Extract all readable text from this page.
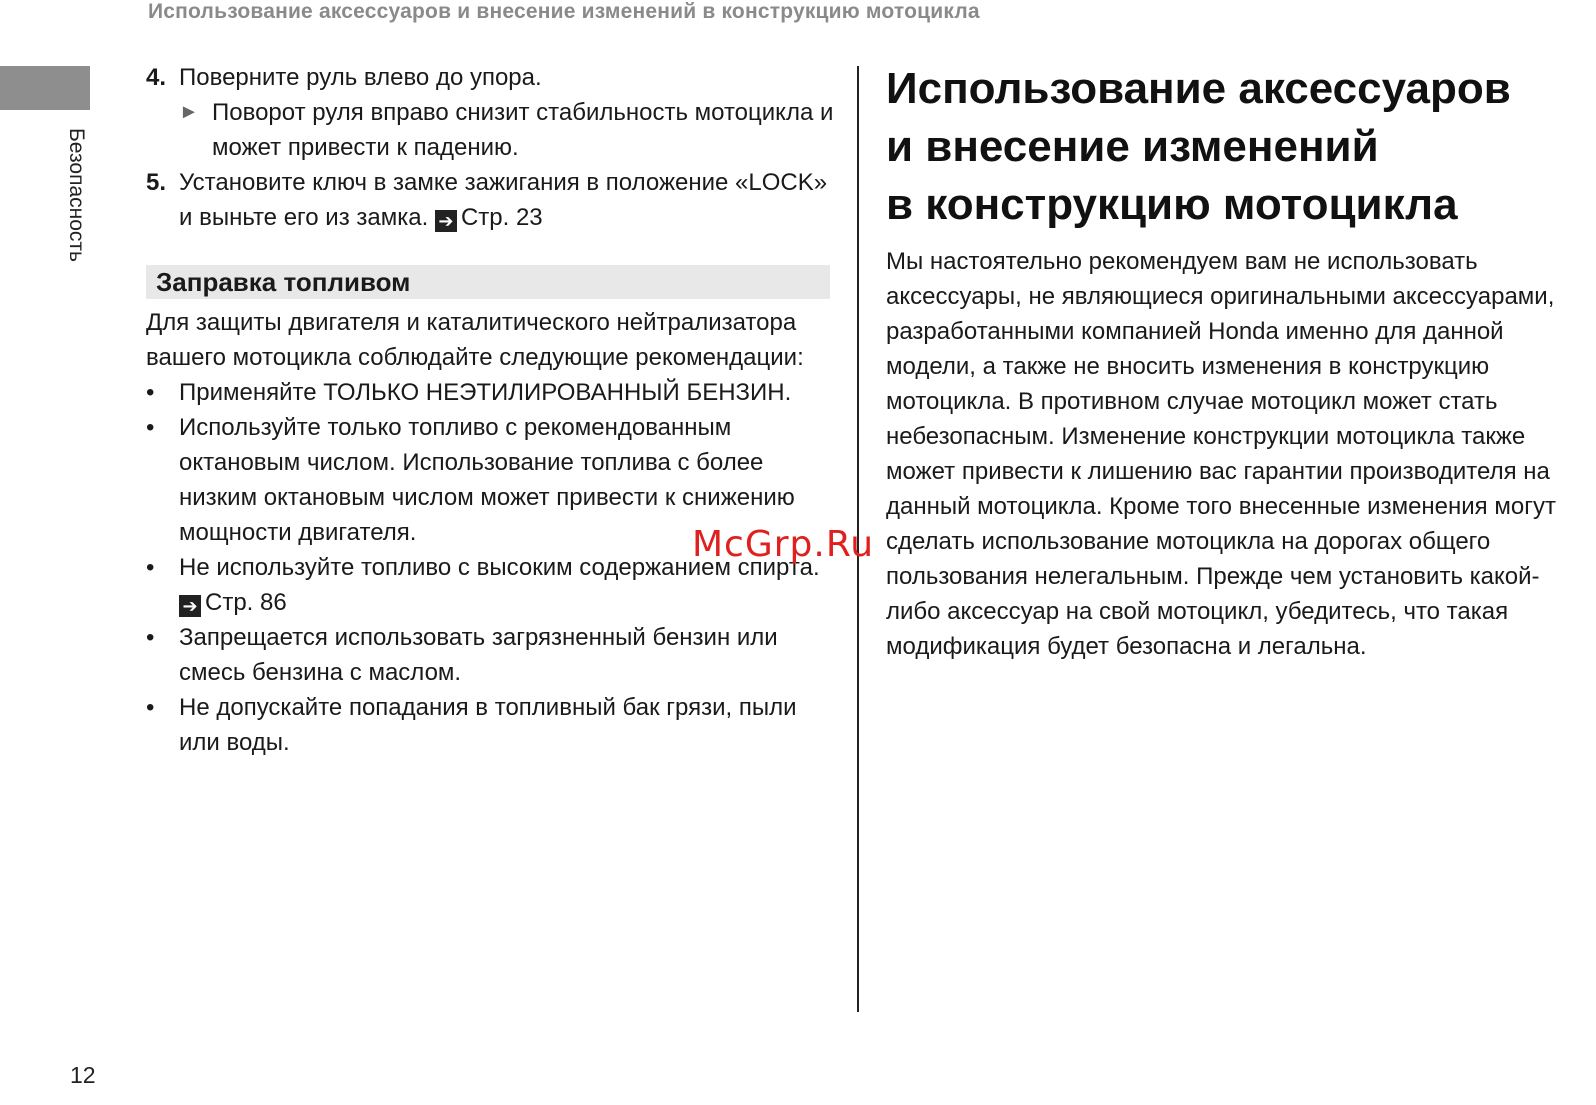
Использование аксессуаров и внесение изменений в конструкцию мотоцикла
Безопасность
4. Поверните руль влево до упора.
► Поворот руля вправо снизит стабильность мотоцикла и может привести к падению.
5. Установите ключ в замке зажигания в положение «LOCK» и выньте его из замка. ➔ Стр. 23
Заправка топливом
Для защиты двигателя и каталитического нейтрализатора вашего мотоцикла соблюдайте следующие рекомендации:
•	Применяйте ТОЛЬКО НЕЭТИЛИРОВАННЫЙ БЕНЗИН.
•	Используйте только топливо с рекомендованным октановым числом. Использование топлива с более низким октановым числом может привести к снижению мощности двигателя.
•	Не используйте топливо с высоким содержанием спирта. ➔ Стр. 86
•	Запрещается использовать загрязненный бензин или смесь бензина с маслом.
•	Не допускайте попадания в топливный бак грязи, пыли или воды.
Использование аксессуаров
и внесение изменений
в конструкцию мотоцикла

Мы настоятельно рекомендуем вам не использовать аксессуары, не являющиеся оригинальными аксессуарами, разработанными компанией Honda именно для данной модели, а также не вносить изменения в конструкцию мотоцикла. В противном случае мотоцикл может стать небезопасным. Изменение конструкции мотоцикла также может привести к лишению вас гарантии производителя на данный мотоцикла. Кроме того внесенные изменения могут сделать использование мотоцикла на дорогах общего пользования нелегальным. Прежде чем установить какой-либо аксессуар на свой мотоцикл, убедитесь, что такая модификация будет безопасна и легальна.

McGrp.Ru
12
